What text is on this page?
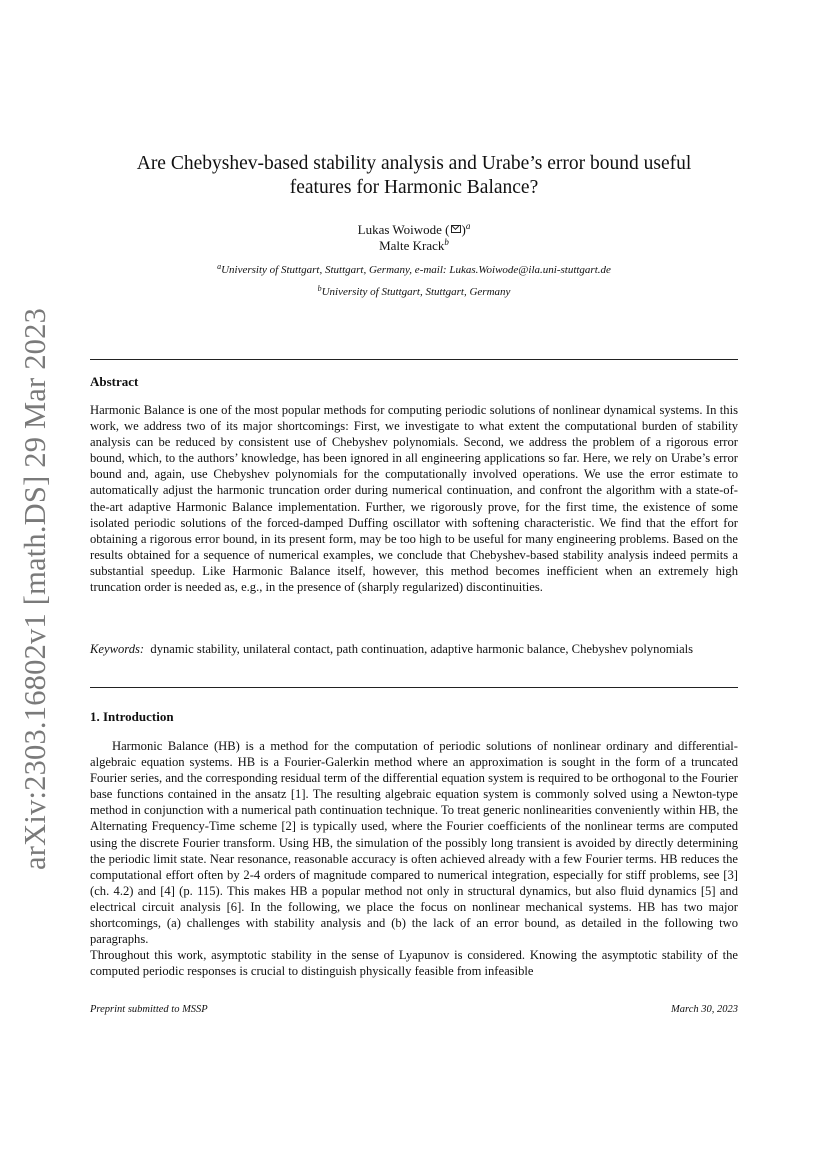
arXiv:2303.16802v1 [math.DS] 29 Mar 2023
Are Chebyshev-based stability analysis and Urabe’s error bound useful
features for Harmonic Balance?
Lukas Woiwode ( )$^a$
Malte Krack$^b$
$^a$University of Stuttgart, Stuttgart, Germany, e-mail: Lukas.Woiwode@ila.uni-stuttgart.de
$^b$University of Stuttgart, Stuttgart, Germany
Abstract

Harmonic Balance is one of the most popular methods for computing periodic solutions of nonlinear dynamical systems. In this work, we address two of its major shortcomings: First, we investigate to what extent the computational burden of stability analysis can be reduced by consistent use of Chebyshev polynomials. Second, we address the problem of a rigorous error bound, which, to the authors’ knowledge, has been ignored in all engineering applications so far. Here, we rely on Urabe’s error bound and, again, use Chebyshev polynomials for the computationally involved operations. We use the error estimate to automatically adjust the harmonic truncation order during numerical continuation, and confront the algorithm with a state-of-the-art adaptive Harmonic Balance implementation. Further, we rigorously prove, for the first time, the existence of some isolated periodic solutions of the forced-damped Duffing oscillator with softening characteristic. We find that the effort for obtaining a rigorous error bound, in its present form, may be too high to be useful for many engineering problems. Based on the results obtained for a sequence of numerical examples, we conclude that Chebyshev-based stability analysis indeed permits a substantial speedup. Like Harmonic Balance itself, however, this method becomes inefficient when an extremely high truncation order is needed as, e.g., in the presence of (sharply regularized) discontinuities.

Keywords: dynamic stability, unilateral contact, path continuation, adaptive harmonic balance, Chebyshev polynomials

1. Introduction

Harmonic Balance (HB) is a method for the computation of periodic solutions of nonlinear ordinary and differential-algebraic equation systems. HB is a Fourier-Galerkin method where an approximation is sought in the form of a truncated Fourier series, and the corresponding residual term of the differential equation system is required to be orthogonal to the Fourier base functions contained in the ansatz [1]. The resulting algebraic equation system is commonly solved using a Newton-type method in conjunction with a numerical path continuation technique. To treat generic nonlinearities conveniently within HB, the Alternating Frequency-Time scheme [2] is typically used, where the Fourier coefficients of the nonlinear terms are computed using the discrete Fourier transform. Using HB, the simulation of the possibly long transient is avoided by directly determining the periodic limit state. Near resonance, reasonable accuracy is often achieved already with a few Fourier terms. HB reduces the computational effort often by 2-4 orders of magnitude compared to numerical integration, especially for stiff problems, see [3] (ch. 4.2) and [4] (p. 115). This makes HB a popular method not only in structural dynamics, but also fluid dynamics [5] and electrical circuit analysis [6]. In the following, we place the focus on nonlinear mechanical systems. HB has two major shortcomings, (a) challenges with stability analysis and (b) the lack of an error bound, as detailed in the following two paragraphs.

Throughout this work, asymptotic stability in the sense of Lyapunov is considered. Knowing the asymptotic stability of the computed periodic responses is crucial to distinguish physically feasible from infeasible

Preprint submitted to MSSP	March 30, 2023
